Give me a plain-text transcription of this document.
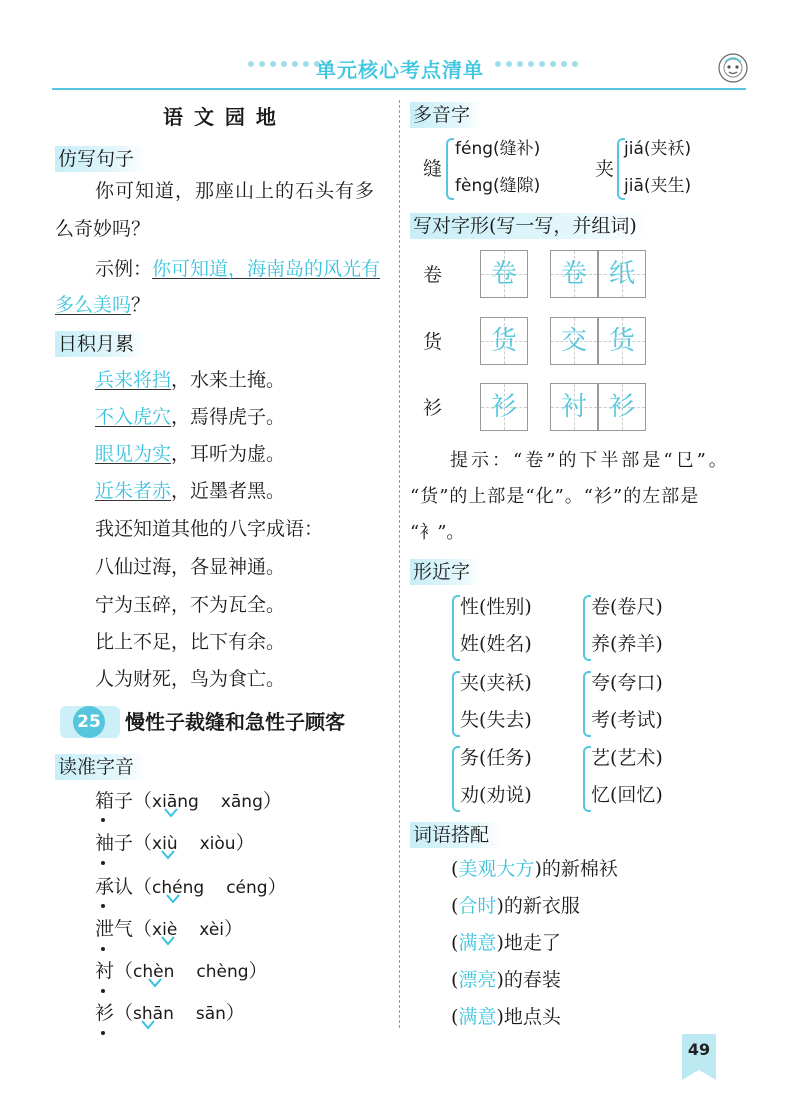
单元核心考点清单
语 文 园 地
仿写句子
你可知道，那座山上的石头有多
么奇妙吗？
示例：你可知道，海南岛的风光有
多么美吗？
日积月累
兵来将挡，水来土掩。
不入虎穴，焉得虎子。
眼见为实，耳听为虚。
近朱者赤，近墨者黑。
我还知道其他的八字成语：
八仙过海，各显神通。
宁为玉碎，不为瓦全。
比上不足，比下有余。
人为财死，鸟为食亡。
25 慢性子裁缝和急性子顾客
读准字音
箱子（xiāng xāng）
袖子（xiù xiòu）
承认（chéng céng）
泄气（xiè xèi）
衬（chèn chèng）
衫（shān sān）
多音字
缝
féng(缝补)
fèng(缝隙)
夹
jiá(夹袄)
jiā(夹生)
写对字形(写一写，并组词)
卷	卷	卷 纸
货	货	交 货
衫	衫	衬 衫
提示：“卷”的下半部是“㔾”。
“货”的上部是“化”。“衫”的左部是
“衤”。
形近字
性(性别)
姓(姓名)
卷(卷尺)
养(养羊)
夹(夹袄)
失(失去)
夸(夸口)
考(考试)
务(任务)
劝(劝说)
艺(艺术)
忆(回忆)
词语搭配
(美观大方)的新棉袄
(合时)的新衣服
(满意)地走了
(漂亮)的春装
(满意)地点头
49
